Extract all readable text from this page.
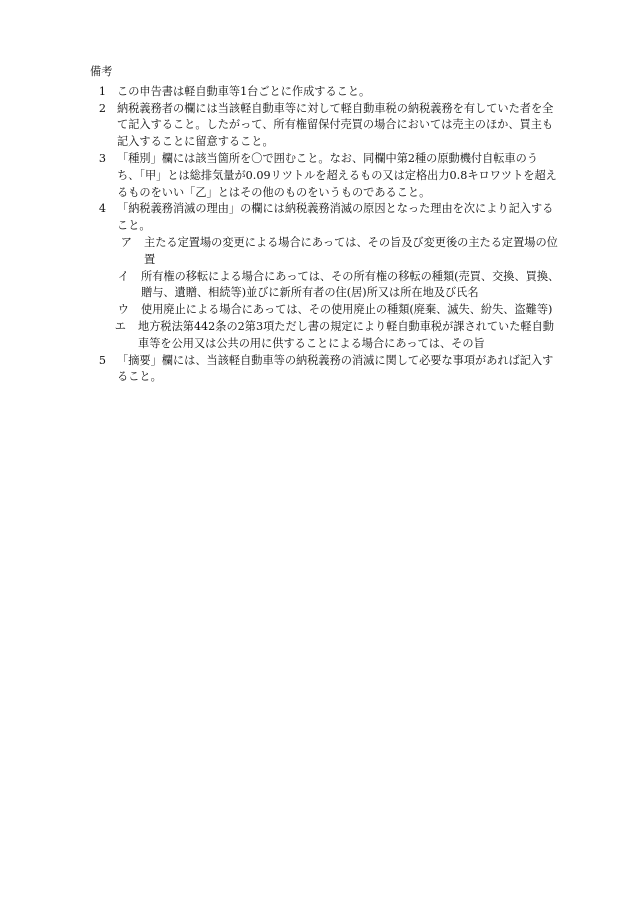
備考
1 この申告書は軽自動車等1台ごとに作成すること。
2 納税義務者の欄には当該軽自動車等に対して軽自動車税の納税義務を有していた者を全て記入すること。したがって、所有権留保付売買の場合においては売主のほか、買主も記入することに留意すること。
3 「種別」欄には該当箇所を〇で囲むこと。なお、同欄中第2種の原動機付自転車のうち、「甲」とは総排気量が0.09リツトルを超えるもの又は定格出力0.8キロワツトを超えるものをいい「乙」とはその他のものをいうものであること。
4 「納税義務消滅の理由」の欄には納税義務消滅の原因となった理由を次により記入すること。
ア	主たる定置場の変更による場合にあっては、その旨及び変更後の主たる定置場の位置
イ	所有権の移転による場合にあっては、その所有権の移転の種類(売買、交換、買換、贈与、遺贈、相続等)並びに新所有者の住(居)所又は所在地及び氏名
ウ	使用廃止による場合にあっては、その使用廃止の種類(廃棄、滅失、紛失、盗難等)
エ	地方税法第442条の2第3項ただし書の規定により軽自動車税が課されていた軽自動車等を公用又は公共の用に供することによる場合にあっては、その旨
5 「摘要」欄には、当該軽自動車等の納税義務の消滅に関して必要な事項があれば記入すること。
